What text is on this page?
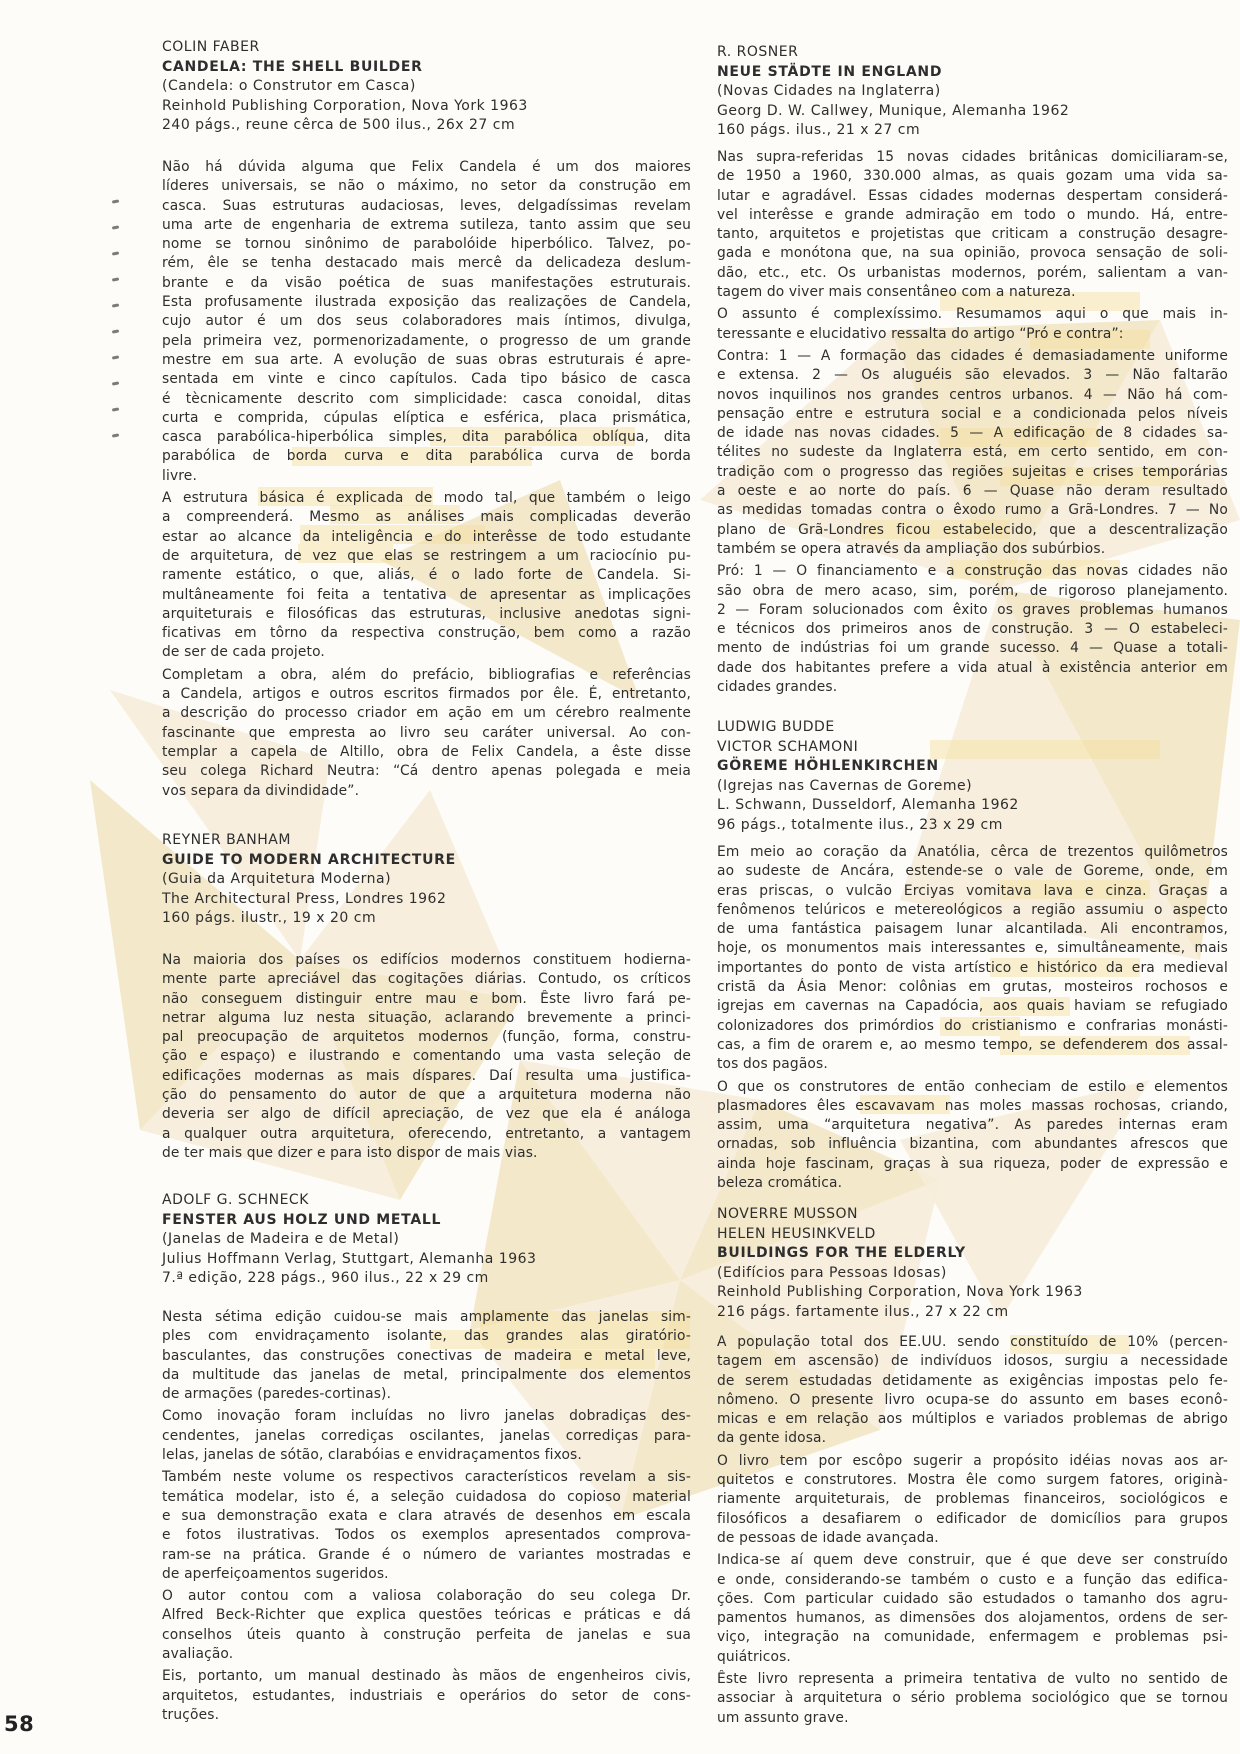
COLIN FABER
CANDELA: THE SHELL BUILDER
(Candela: o Construtor em Casca)
Reinhold Publishing Corporation, Nova York 1963
240 págs., reune cêrca de 500 ilus., 26x 27 cm
Não há dúvida alguma que Felix Candela é um dos maiores
líderes universais, se não o máximo, no setor da construção em
casca. Suas estruturas audaciosas, leves, delgadíssimas revelam
uma arte de engenharia de extrema sutileza, tanto assim que seu
nome se tornou sinônimo de parabolóide hiperbólico. Talvez, po-
rém, êle se tenha destacado mais mercê da delicadeza deslum-
brante e da visão poética de suas manifestações estruturais.
Esta profusamente ilustrada exposição das realizações de Candela,
cujo autor é um dos seus colaboradores mais íntimos, divulga,
pela primeira vez, pormenorizadamente, o progresso de um grande
mestre em sua arte. A evolução de suas obras estruturais é apre-
sentada em vinte e cinco capítulos. Cada tipo básico de casca
é tècnicamente descrito com simplicidade: casca conoidal, ditas
curta e comprida, cúpulas elíptica e esférica, placa prismática,
casca parabólica-hiperbólica simples, dita parabólica oblíqua, dita
parabólica de borda curva e dita parabólica curva de borda
livre.
A estrutura básica é explicada de modo tal, que também o leigo
a compreenderá. Mesmo as análises mais complicadas deverão
estar ao alcance da inteligência e do interêsse de todo estudante
de arquitetura, de vez que elas se restringem a um raciocínio pu-
ramente estático, o que, aliás, é o lado forte de Candela. Si-
multâneamente foi feita a tentativa de apresentar as implicações
arquiteturais e filosóficas das estruturas, inclusive anedotas signi-
ficativas em tôrno da respectiva construção, bem como a razão
de ser de cada projeto.
Completam a obra, além do prefácio, bibliografias e referências
a Candela, artigos e outros escritos firmados por êle. É, entretanto,
a descrição do processo criador em ação em um cérebro realmente
fascinante que empresta ao livro seu caráter universal. Ao con-
templar a capela de Altillo, obra de Felix Candela, a êste disse
seu colega Richard Neutra: “Cá dentro apenas polegada e meia
vos separa da divindidade”.
REYNER BANHAM
GUIDE TO MODERN ARCHITECTURE
(Guia da Arquitetura Moderna)
The Architectural Press, Londres 1962
160 págs. ilustr., 19 x 20 cm
Na maioria dos países os edifícios modernos constituem hodierna-
mente parte apreciável das cogitações diárias. Contudo, os críticos
não conseguem distinguir entre mau e bom. Êste livro fará pe-
netrar alguma luz nesta situação, aclarando brevemente a princi-
pal preocupação de arquitetos modernos (função, forma, constru-
ção e espaço) e ilustrando e comentando uma vasta seleção de
edificações modernas as mais díspares. Daí resulta uma justifica-
ção do pensamento do autor de que a arquitetura moderna não
deveria ser algo de difícil apreciação, de vez que ela é análoga
a qualquer outra arquitetura, oferecendo, entretanto, a vantagem
de ter mais que dizer e para isto dispor de mais vias.
ADOLF G. SCHNECK
FENSTER AUS HOLZ UND METALL
(Janelas de Madeira e de Metal)
Julius Hoffmann Verlag, Stuttgart, Alemanha 1963
7.ª edição, 228 págs., 960 ilus., 22 x 29 cm
Nesta sétima edição cuidou-se mais amplamente das janelas sim-
ples com envidraçamento isolante, das grandes alas giratório-
basculantes, das construções conectivas de madeira e metal leve,
da multitude das janelas de metal, principalmente dos elementos
de armações (paredes-cortinas).
Como inovação foram incluídas no livro janelas dobradiças des-
cendentes, janelas corrediças oscilantes, janelas corrediças para-
lelas, janelas de sótão, clarabóias e envidraçamentos fixos.
Também neste volume os respectivos característicos revelam a sis-
temática modelar, isto é, a seleção cuidadosa do copioso material
e sua demonstração exata e clara através de desenhos em escala
e fotos ilustrativas. Todos os exemplos apresentados comprova-
ram-se na prática. Grande é o número de variantes mostradas e
de aperfeiçoamentos sugeridos.
O autor contou com a valiosa colaboração do seu colega Dr.
Alfred Beck-Richter que explica questões teóricas e práticas e dá
conselhos úteis quanto à construção perfeita de janelas e sua
avaliação.
Eis, portanto, um manual destinado às mãos de engenheiros civis,
arquitetos, estudantes, industriais e operários do setor de cons-
truções.
R. ROSNER
NEUE STÄDTE IN ENGLAND
(Novas Cidades na Inglaterra)
Georg D. W. Callwey, Munique, Alemanha 1962
160 págs. ilus., 21 x 27 cm
Nas supra-referidas 15 novas cidades britânicas domiciliaram-se,
de 1950 a 1960, 330.000 almas, as quais gozam uma vida sa-
lutar e agradável. Essas cidades modernas despertam considerá-
vel interêsse e grande admiração em todo o mundo. Há, entre-
tanto, arquitetos e projetistas que criticam a construção desagre-
gada e monótona que, na sua opinião, provoca sensação de soli-
dão, etc., etc. Os urbanistas modernos, porém, salientam a van-
tagem do viver mais consentâneo com a natureza.
O assunto é complexíssimo. Resumamos aqui o que mais in-
teressante e elucidativo ressalta do artigo “Pró e contra”:
Contra: 1 — A formação das cidades é demasiadamente uniforme
e extensa. 2 — Os aluguéis são elevados. 3 — Não faltarão
novos inquilinos nos grandes centros urbanos. 4 — Não há com-
pensação entre e estrutura social e a condicionada pelos níveis
de idade nas novas cidades. 5 — A edificação de 8 cidades sa-
télites no sudeste da Inglaterra está, em certo sentido, em con-
tradição com o progresso das regiões sujeitas e crises temporárias
a oeste e ao norte do país. 6 — Quase não deram resultado
as medidas tomadas contra o êxodo rumo a Grã-Londres. 7 — No
plano de Grã-Londres ficou estabelecido, que a descentralização
também se opera através da ampliação dos subúrbios.
Pró: 1 — O financiamento e a construção das novas cidades não
são obra de mero acaso, sim, porém, de rigoroso planejamento.
2 — Foram solucionados com êxito os graves problemas humanos
e técnicos dos primeiros anos de construção. 3 — O estabeleci-
mento de indústrias foi um grande sucesso. 4 — Quase a totali-
dade dos habitantes prefere a vida atual à existência anterior em
cidades grandes.
LUDWIG BUDDE
VICTOR SCHAMONI
GÖREME HÖHLENKIRCHEN
(Igrejas nas Cavernas de Goreme)
L. Schwann, Dusseldorf, Alemanha 1962
96 págs., totalmente ilus., 23 x 29 cm
Em meio ao coração da Anatólia, cêrca de trezentos quilômetros
ao sudeste de Ancára, estende-se o vale de Goreme, onde, em
eras priscas, o vulcão Erciyas vomitava lava e cinza. Graças a
fenômenos telúricos e metereológicos a região assumiu o aspecto
de uma fantástica paisagem lunar alcantilada. Ali encontramos,
hoje, os monumentos mais interessantes e, simultâneamente, mais
importantes do ponto de vista artístico e histórico da era medieval
cristã da Ásia Menor: colônias em grutas, mosteiros rochosos e
igrejas em cavernas na Capadócia, aos quais haviam se refugiado
colonizadores dos primórdios do cristianismo e confrarias monásti-
cas, a fim de orarem e, ao mesmo tempo, se defenderem dos assal-
tos dos pagãos.
O que os construtores de então conheciam de estilo e elementos
plasmadores êles escavavam nas moles massas rochosas, criando,
assim, uma “arquitetura negativa”. As paredes internas eram
ornadas, sob influência bizantina, com abundantes afrescos que
ainda hoje fascinam, graças à sua riqueza, poder de expressão e
beleza cromática.
NOVERRE MUSSON
HELEN HEUSINKVELD
BUILDINGS FOR THE ELDERLY
(Edifícios para Pessoas Idosas)
Reinhold Publishing Corporation, Nova York 1963
216 págs. fartamente ilus., 27 x 22 cm
A população total dos EE.UU. sendo constituído de 10% (percen-
tagem em ascensão) de indivíduos idosos, surgiu a necessidade
de serem estudadas detidamente as exigências impostas pelo fe-
nômeno. O presente livro ocupa-se do assunto em bases econô-
micas e em relação aos múltiplos e variados problemas de abrigo
da gente idosa.
O livro tem por escôpo sugerir a propósito idéias novas aos ar-
quitetos e construtores. Mostra êle como surgem fatores, originà-
riamente arquiteturais, de problemas financeiros, sociológicos e
filosóficos a desafiarem o edificador de domicílios para grupos
de pessoas de idade avançada.
Indica-se aí quem deve construir, que é que deve ser construído
e onde, considerando-se também o custo e a função das edifica-
ções. Com particular cuidado são estudados o tamanho dos agru-
pamentos humanos, as dimensões dos alojamentos, ordens de ser-
viço, integração na comunidade, enfermagem e problemas psi-
quiátricos.
Êste livro representa a primeira tentativa de vulto no sentido de
associar à arquitetura o sério problema sociológico que se tornou
um assunto grave.
58
